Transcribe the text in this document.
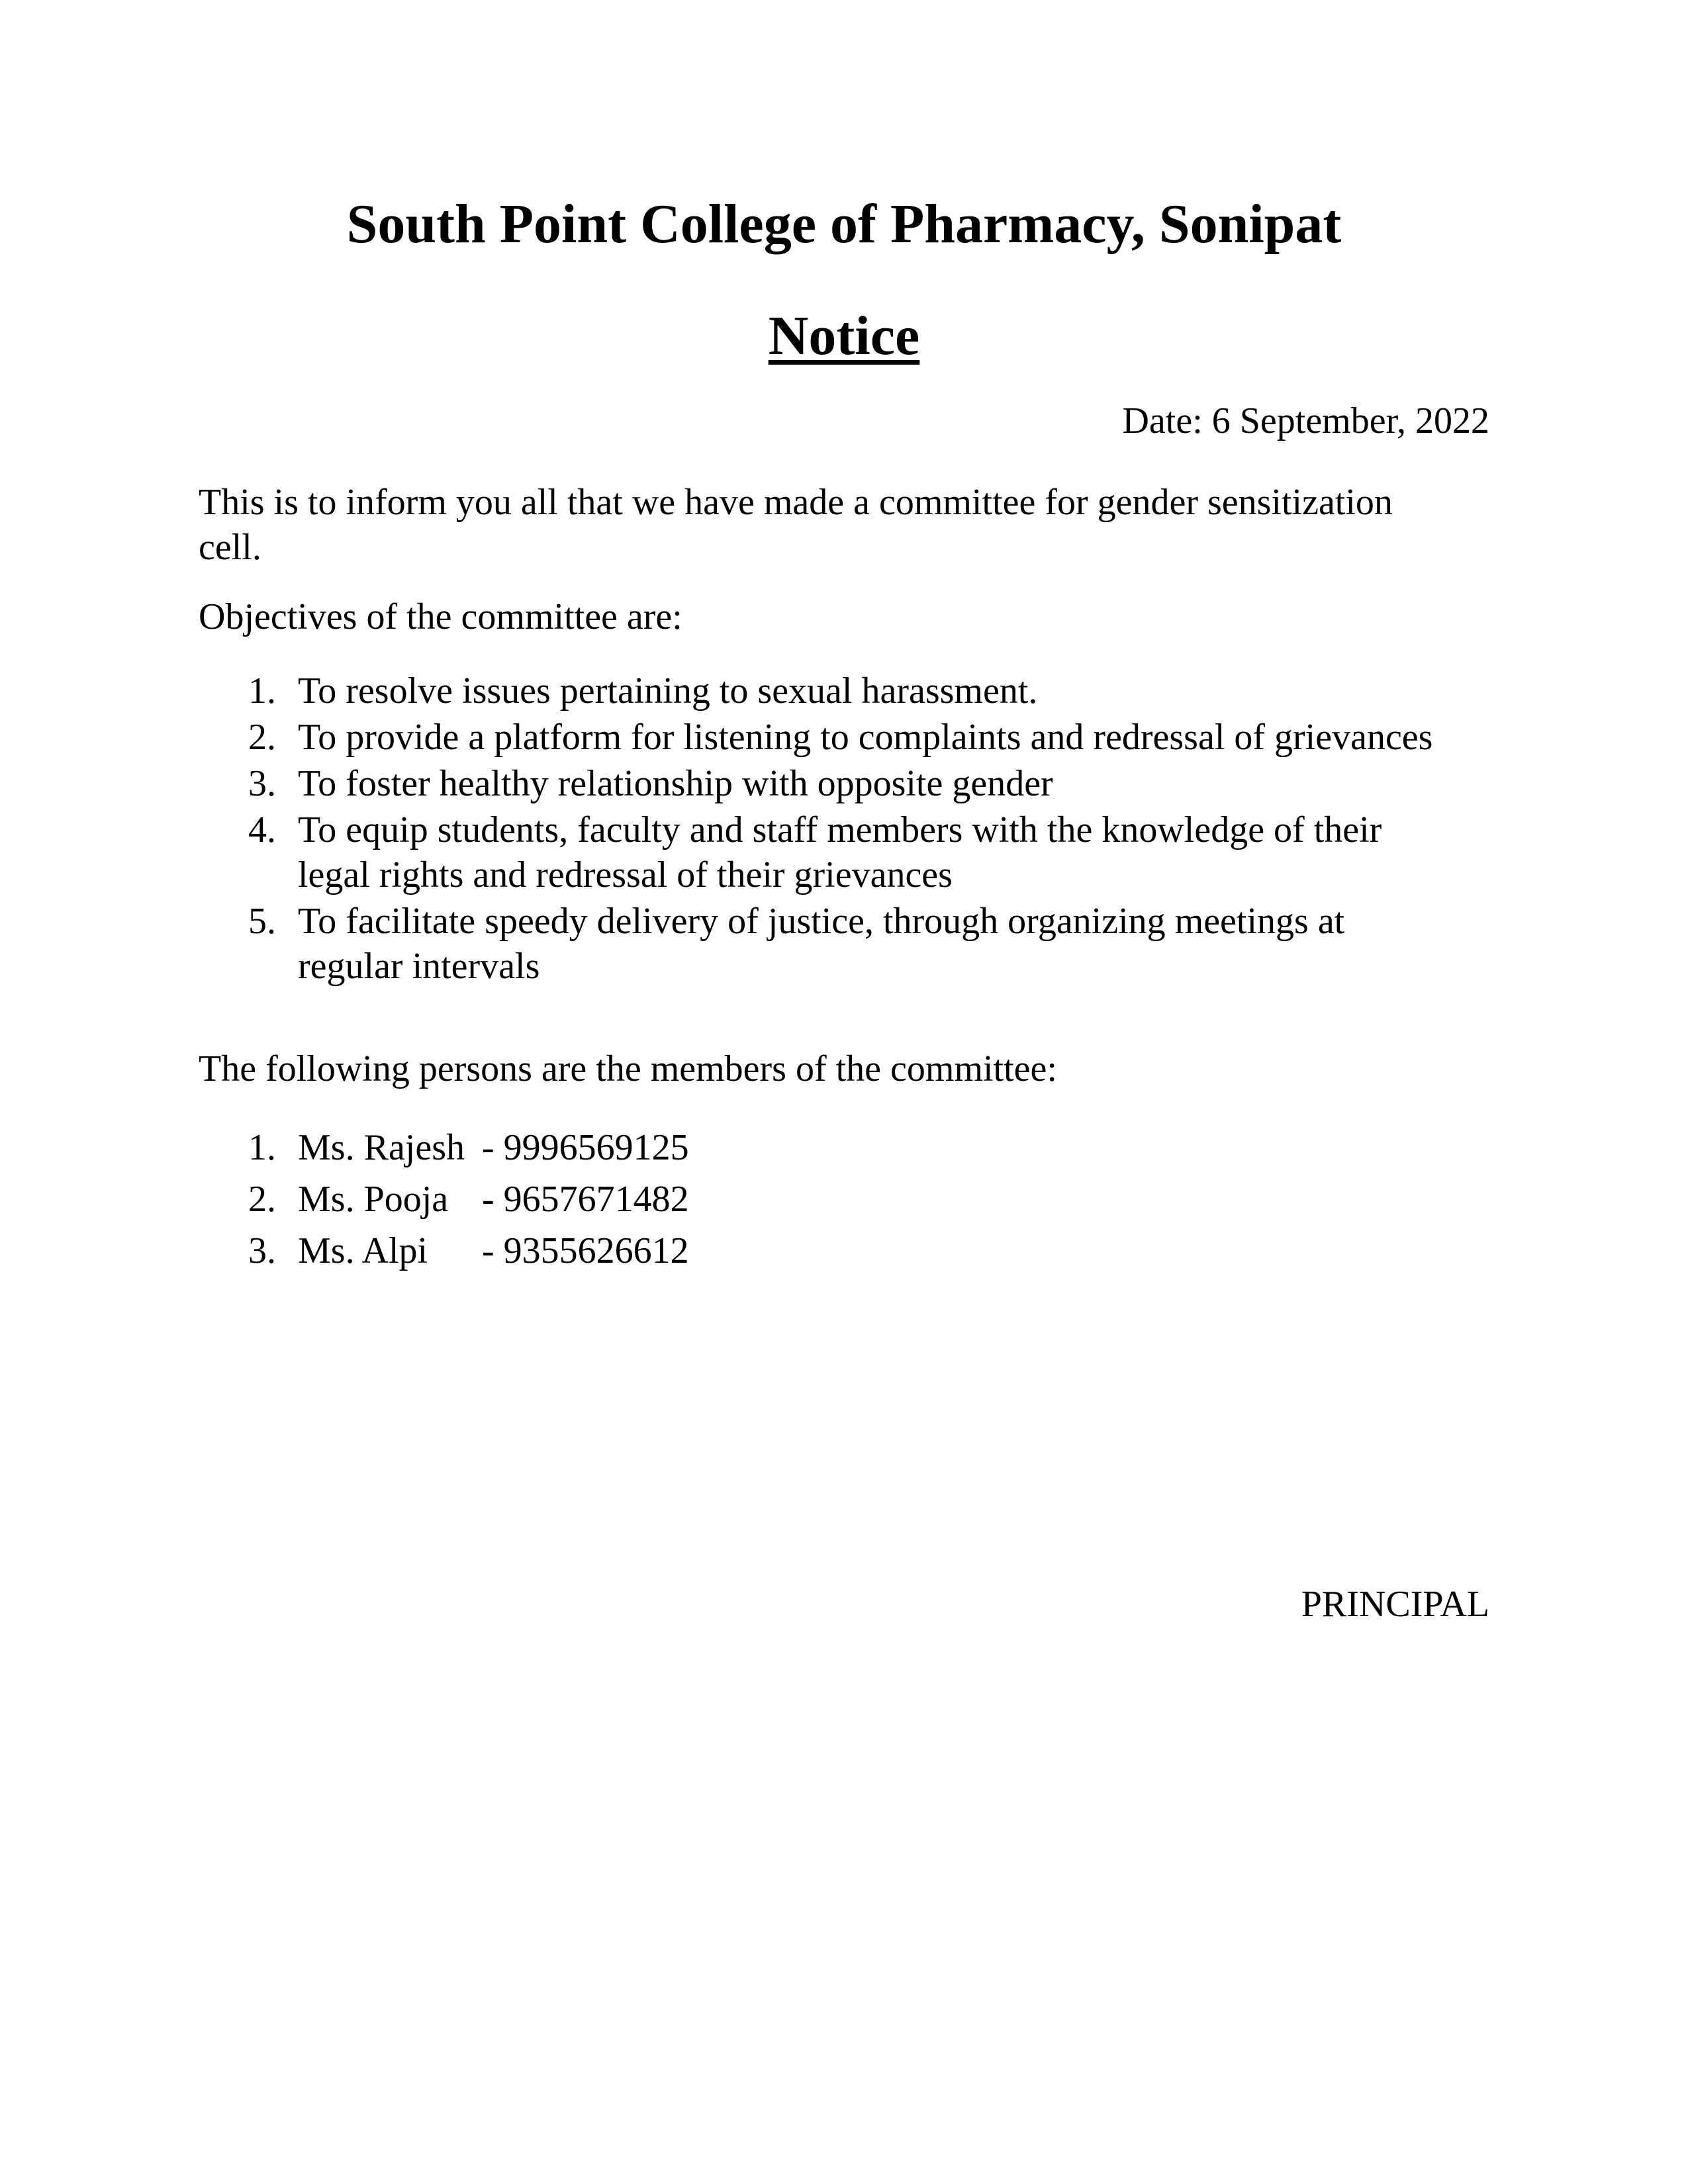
South Point College of Pharmacy, Sonipat
Notice
Date: 6 September, 2022

This is to inform you all that we have made a committee for gender sensitization
cell.

Objectives of the committee are:

1. To resolve issues pertaining to sexual harassment.
2. To provide a platform for listening to complaints and redressal of grievances
3. To foster healthy relationship with opposite gender
4. To equip students, faculty and staff members with the knowledge of their
legal rights and redressal of their grievances
5. To facilitate speedy delivery of justice, through organizing meetings at
regular intervals

The following persons are the members of the committee:

1. Ms. Rajesh - 9996569125
2. Ms. Pooja - 9657671482
3. Ms. Alpi - 9355626612
PRINCIPAL
